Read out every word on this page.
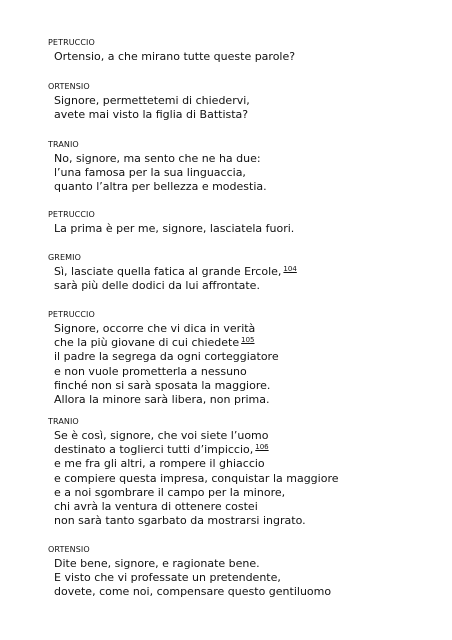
PETRUCCIO
Ortensio, a che mirano tutte queste parole?
ORTENSIO
Signore, permettetemi di chiedervi,
avete mai visto la figlia di Battista?
TRANIO
No, signore, ma sento che ne ha due:
l’una famosa per la sua linguaccia,
quanto l’altra per bellezza e modestia.
PETRUCCIO
La prima è per me, signore, lasciatela fuori.
GREMIO
Sì, lasciate quella fatica al grande Ercole, $^{104}$
sarà più delle dodici da lui affrontate.
PETRUCCIO
Signore, occorre che vi dica in verità
che la più giovane di cui chiedete $^{105}$
il padre la segrega da ogni corteggiatore
e non vuole prometterla a nessuno
finché non si sarà sposata la maggiore.
Allora la minore sarà libera, non prima.
TRANIO
Se è così, signore, che voi siete l’uomo
destinato a toglierci tutti d’impiccio, $^{106}$
e me fra gli altri, a rompere il ghiaccio
e compiere questa impresa, conquistar la maggiore
e a noi sgombrare il campo per la minore,
chi avrà la ventura di ottenere costei
non sarà tanto sgarbato da mostrarsi ingrato.
ORTENSIO
Dite bene, signore, e ragionate bene.
E visto che vi professate un pretendente,
dovete, come noi, compensare questo gentiluomo
